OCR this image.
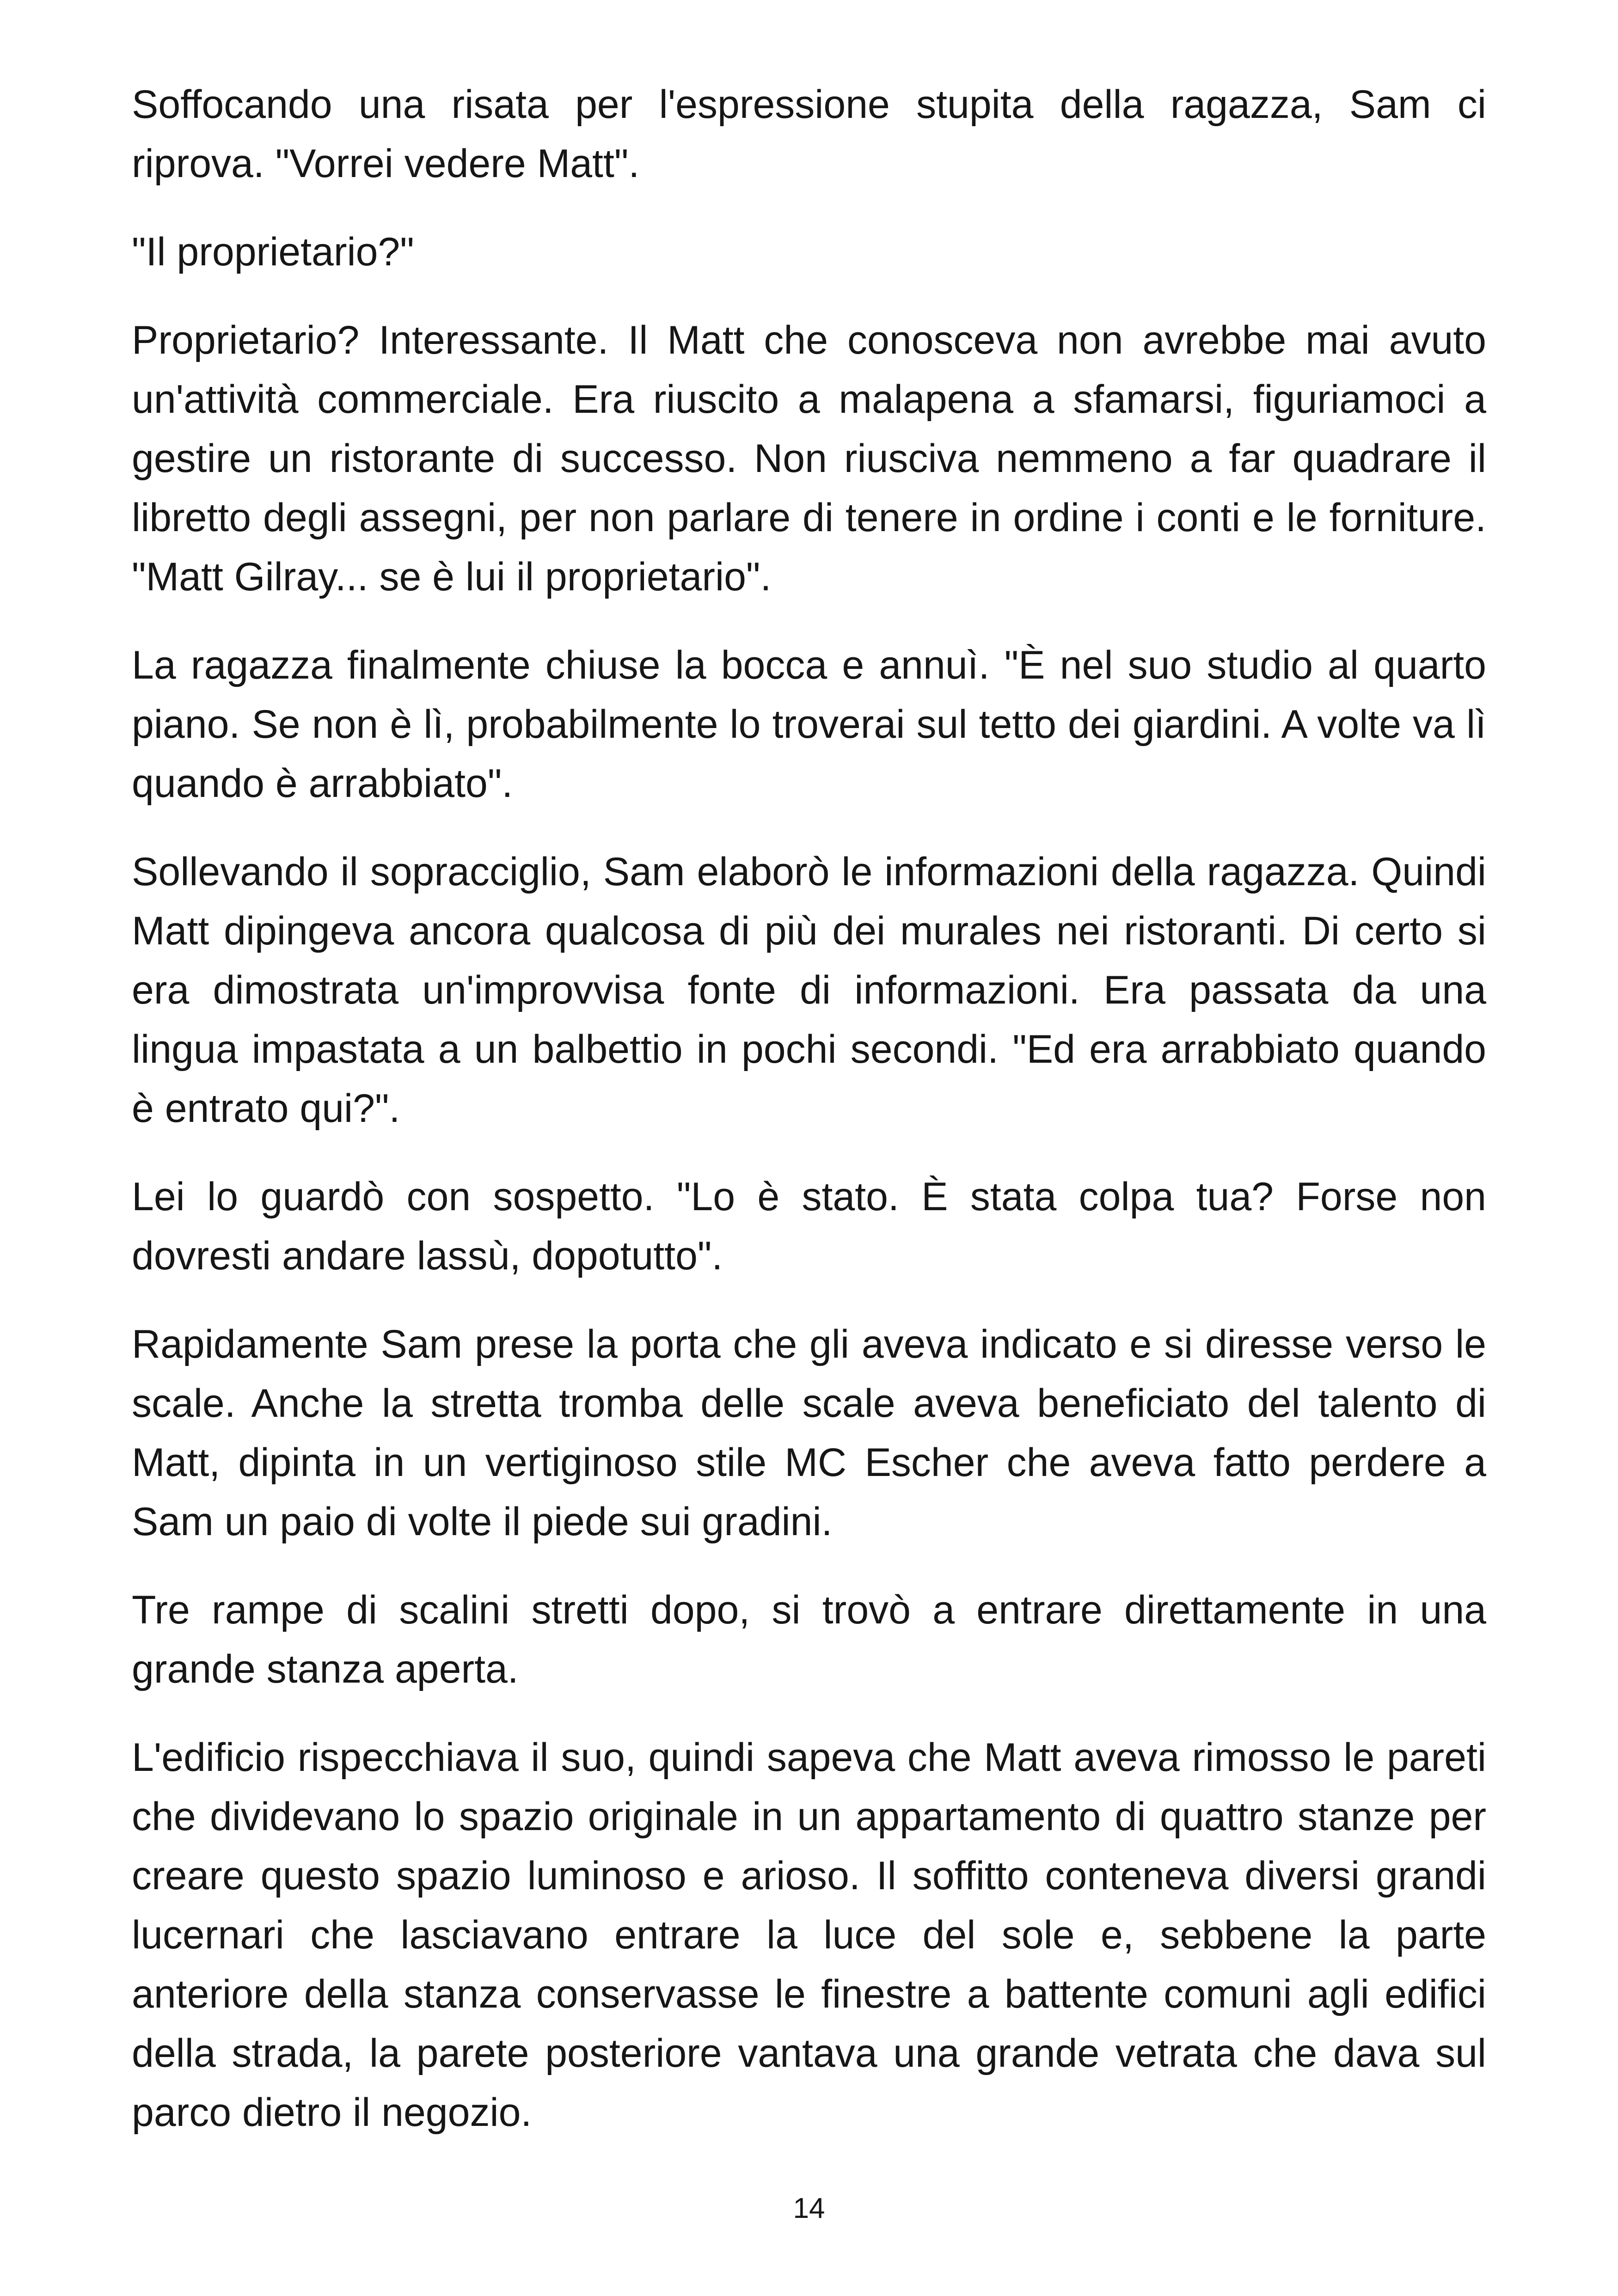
Soffocando una risata per l'espressione stupita della ragazza, Sam ci riprova. "Vorrei vedere Matt".

"Il proprietario?"

Proprietario? Interessante. Il Matt che conosceva non avrebbe mai avuto un'attività commerciale. Era riuscito a malapena a sfamarsi, figuriamoci a gestire un ristorante di successo. Non riusciva nemmeno a far quadrare il libretto degli assegni, per non parlare di tenere in ordine i conti e le forniture. "Matt Gilray... se è lui il proprietario".

La ragazza finalmente chiuse la bocca e annuì. "È nel suo studio al quarto piano. Se non è lì, probabilmente lo troverai sul tetto dei giardini. A volte va lì quando è arrabbiato".

Sollevando il sopracciglio, Sam elaborò le informazioni della ragazza. Quindi Matt dipingeva ancora qualcosa di più dei murales nei ristoranti. Di certo si era dimostrata un'improvvisa fonte di informazioni. Era passata da una lingua impastata a un balbettio in pochi secondi. "Ed era arrabbiato quando è entrato qui?".

Lei lo guardò con sospetto. "Lo è stato. È stata colpa tua? Forse non dovresti andare lassù, dopotutto".

Rapidamente Sam prese la porta che gli aveva indicato e si diresse verso le scale. Anche la stretta tromba delle scale aveva beneficiato del talento di Matt, dipinta in un vertiginoso stile MC Escher che aveva fatto perdere a Sam un paio di volte il piede sui gradini.

Tre rampe di scalini stretti dopo, si trovò a entrare direttamente in una grande stanza aperta.

L'edificio rispecchiava il suo, quindi sapeva che Matt aveva rimosso le pareti che dividevano lo spazio originale in un appartamento di quattro stanze per creare questo spazio luminoso e arioso. Il soffitto conteneva diversi grandi lucernari che lasciavano entrare la luce del sole e, sebbene la parte anteriore della stanza conservasse le finestre a battente comuni agli edifici della strada, la parete posteriore vantava una grande vetrata che dava sul parco dietro il negozio.

14
